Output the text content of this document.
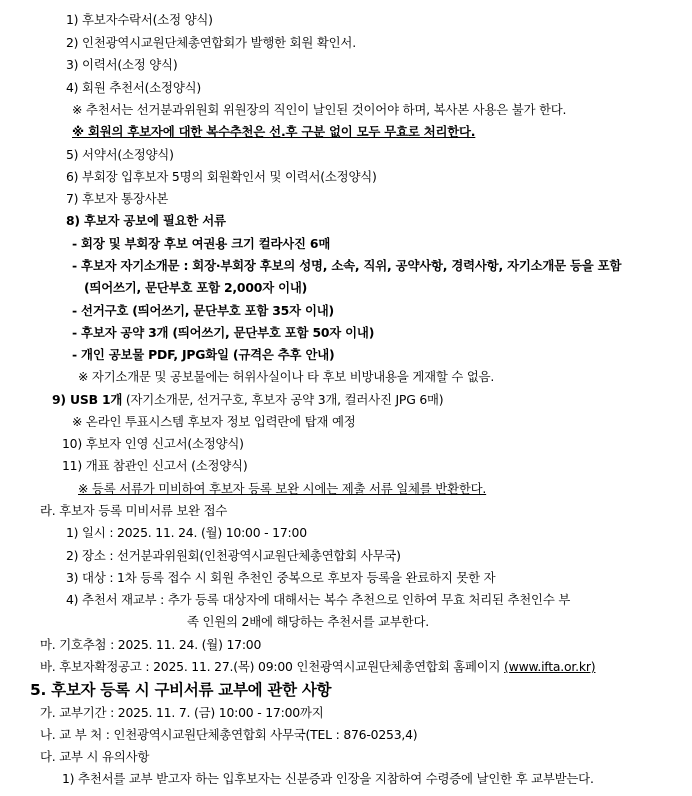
1) 후보자수락서(소정 양식)
2) 인천광역시교원단체총연합회가 발행한 회원 확인서.
3) 이력서(소정 양식)
4) 회원 추천서(소정양식)
※ 추천서는 선거분과위원회 위원장의 직인이 날인된 것이어야 하며, 복사본 사용은 불가 한다.
※ 회원의 후보자에 대한 복수추천은 선.후 구분 없이 모두 무효로 처리한다.
5) 서약서(소정양식)
6) 부회장 입후보자 5명의 회원확인서 및 이력서(소정양식)
7) 후보자 통장사본
8) 후보자 공보에 필요한 서류
- 회장 및 부회장 후보 여권용 크기 컬라사진 6매
- 후보자 자기소개문 : 회장·부회장 후보의 성명, 소속, 직위, 공약사항, 경력사항, 자기소개문 등을 포함
(띄어쓰기, 문단부호 포함 2,000자 이내)
- 선거구호 (띄어쓰기, 문단부호 포함 35자 이내)
- 후보자 공약 3개 (띄어쓰기, 문단부호 포함 50자 이내)
- 개인 공보물 PDF, JPG화일 (규격은 추후 안내)
※ 자기소개문 및 공보물에는 허위사실이나 타 후보 비방내용을 게재할 수 없음.
9) USB 1개 (자기소개문, 선거구호, 후보자 공약 3개, 컬러사진 JPG 6매)
※ 온라인 투표시스템 후보자 정보 입력란에 탑재 예정
10) 후보자 인영 신고서(소정양식)
11) 개표 참관인 신고서 (소정양식)
※ 등록 서류가 미비하여 후보자 등록 보완 시에는 제출 서류 일체를 반환한다.
라. 후보자 등록 미비서류 보완 접수
1) 일시 : 2025. 11. 24. (월) 10:00 - 17:00
2) 장소 : 선거분과위원회(인천광역시교원단체총연합회 사무국)
3) 대상 : 1차 등록 접수 시 회원 추천인 중복으로 후보자 등록을 완료하지 못한 자
4) 추천서 재교부 : 추가 등록 대상자에 대해서는 복수 추천으로 인하여 무효 처리된 추천인수 부
족 인원의 2배에 해당하는 추천서를 교부한다.
마. 기호추첨 : 2025. 11. 24. (월) 17:00
바. 후보자확정공고 : 2025. 11. 27.(목) 09:00 인천광역시교원단체총연합회 홈페이지 (www.ifta.or.kr)
5. 후보자 등록 시 구비서류 교부에 관한 사항
가. 교부기간 : 2025. 11. 7. (금) 10:00 - 17:00까지
나. 교 부 처 : 인천광역시교원단체총연합회 사무국(TEL : 876-0253,4)
다. 교부 시 유의사항
1) 추천서를 교부 받고자 하는 입후보자는 신분증과 인장을 지참하여 수령증에 날인한 후 교부받는다.
